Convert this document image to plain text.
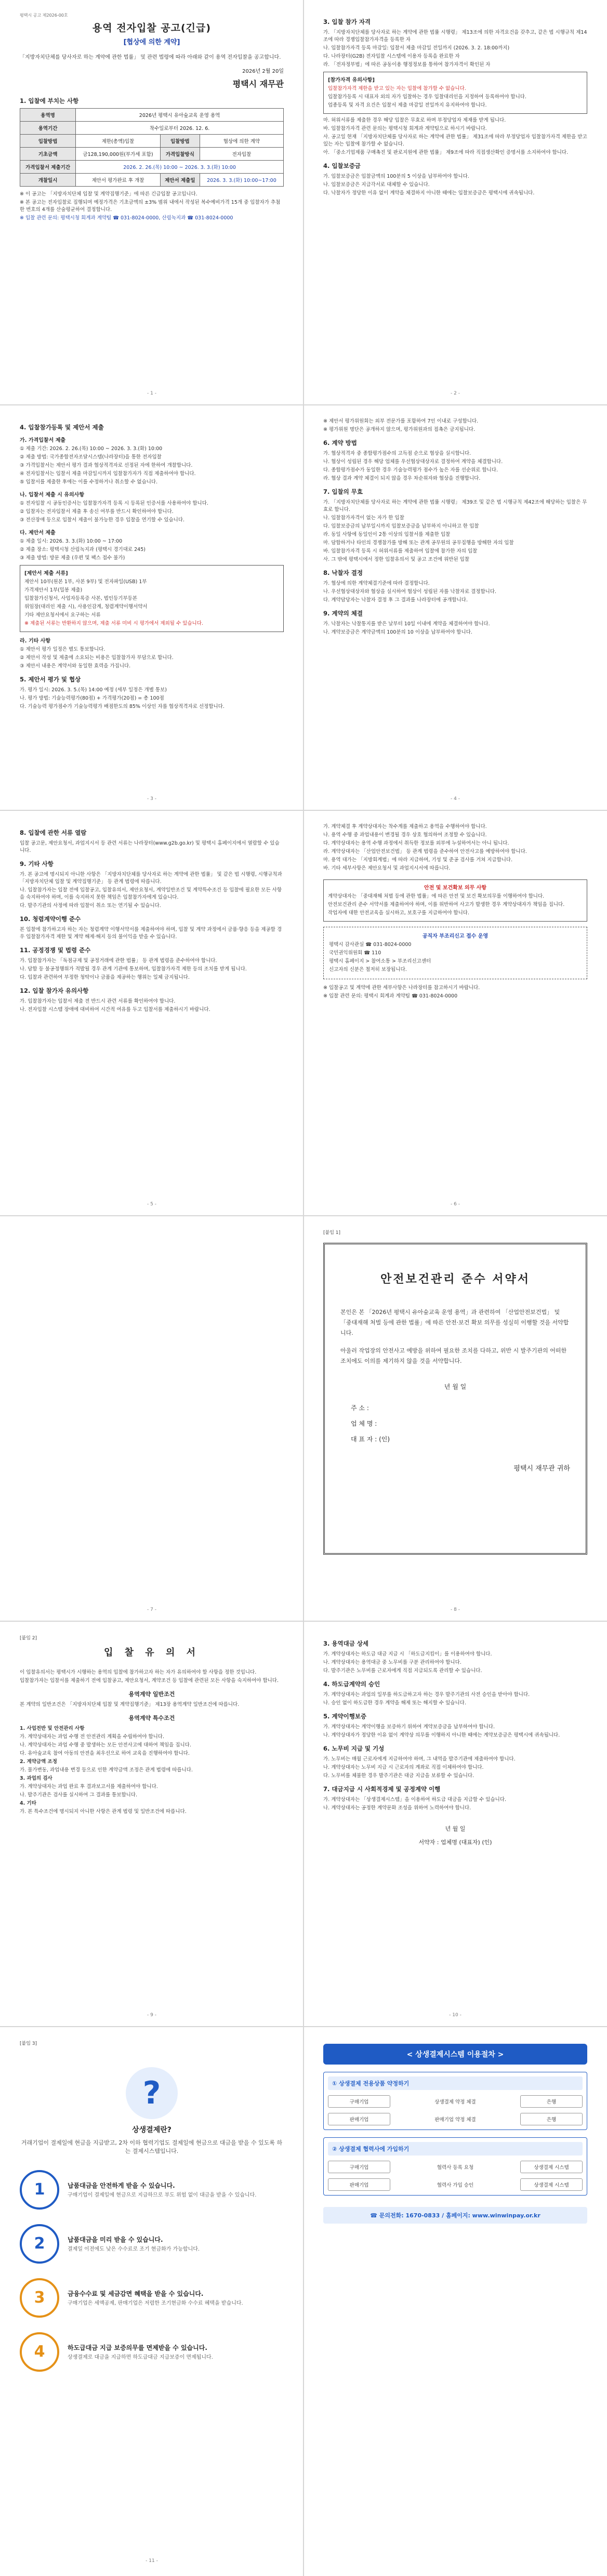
평택시 공고 제2026-00호
용역 전자입찰 공고(긴급)
[협상에 의한 계약]
「지방자치단체를 당사자로 하는 계약에 관한 법률」 및 관련 법령에 따라 아래와 같이 용역 전자입찰을 공고합니다.
2026년 2월 20일
평택시 재무관
1. 입찰에 부치는 사항
용역명	2026년 평택시 유아숲교육 운영 용역		
용역기간	착수일로부터 2026. 12. 6.		
입찰방법	제한(총액)입찰	입찰방법	협상에 의한 계약
기초금액	금128,190,000원(부가세 포함)	가격입찰방식	전자입찰
가격입찰서 제출기간	2026. 2. 26.(목) 10:00 ~ 2026. 3. 3.(화) 10:00		
개찰일시	제안서 평가완료 후 개찰	제안서 제출일	2026. 3. 3.(화) 10:00~17:00
※ 이 공고는 「지방자치단체 입찰 및 계약집행기준」에 따른 긴급입찰 공고입니다.
※ 본 공고는 전자입찰로 집행되며 예정가격은 기초금액의 ±3% 범위 내에서 작성된 복수예비가격 15개 중 입찰자가 추첨한 번호의 4개를 산술평균하여 결정합니다.
※ 입찰 관련 문의: 평택시청 회계과 계약팀 ☎ 031-8024-0000, 산림녹지과 ☎ 031-8024-0000
- 1 -
3. 입찰 참가 자격
가. 「지방자치단체를 당사자로 하는 계약에 관한 법률 시행령」 제13조에 의한 자격요건을 갖추고, 같은 법 시행규칙 제14조에 따라 경쟁입찰참가자격을 등록한 자
나. 입찰참가자격 등록 마감일: 입찰서 제출 마감일 전일까지 (2026. 3. 2. 18:00까지)
다. 나라장터(G2B) 전자입찰 시스템에 이용자 등록을 완료한 자
라. 「전자정부법」에 따른 공동이용 행정정보를 통하여 참가자격이 확인된 자
[참가자격 유의사항]
입찰참가자격 제한을 받고 있는 자는 입찰에 참가할 수 없습니다.
입찰참가등록 시 대표자 외의 자가 입찰하는 경우 입찰대리인을 지정하여 등록하여야 합니다.
업종등록 및 자격 요건은 입찰서 제출 마감일 전일까지 유지하여야 합니다.
마. 허위서류를 제출한 경우 해당 입찰은 무효로 하며 부정당업자 제재를 받게 됩니다.
바. 입찰참가자격 관련 문의는 평택시청 회계과 계약팀으로 하시기 바랍니다.
사. 공고일 현재 「지방자치단체를 당사자로 하는 계약에 관한 법률」 제31조에 따라 부정당업자 입찰참가자격 제한을 받고 있는 자는 입찰에 참가할 수 없습니다.
아. 「중소기업제품 구매촉진 및 판로지원에 관한 법률」 제9조에 따라 직접생산확인 증명서를 소지하여야 합니다.
4. 입찰보증금
가. 입찰보증금은 입찰금액의 100분의 5 이상을 납부하여야 합니다.
나. 입찰보증금은 지급각서로 대체할 수 있습니다.
다. 낙찰자가 정당한 이유 없이 계약을 체결하지 아니한 때에는 입찰보증금은 평택시에 귀속됩니다.
- 2 -
4. 입찰참가등록 및 제안서 제출
가. 가격입찰서 제출
① 제출 기간: 2026. 2. 26.(목) 10:00 ~ 2026. 3. 3.(화) 10:00
② 제출 방법: 국가종합전자조달시스템(나라장터)을 통한 전자입찰
③ 가격입찰서는 제안서 평가 결과 협상적격자로 선정된 자에 한하여 개찰합니다.
④ 전자입찰서는 입찰서 제출 마감일시까지 입찰참가자가 직접 제출하여야 합니다.
⑤ 입찰서를 제출한 후에는 이를 수정하거나 취소할 수 없습니다.
나. 입찰서 제출 시 유의사항
① 전자입찰 시 공동인증서는 입찰참가자격 등록 시 등록된 인증서를 사용하여야 합니다.
② 입찰자는 전자입찰서 제출 후 송신 여부를 반드시 확인하여야 합니다.
③ 전산장애 등으로 입찰서 제출이 불가능한 경우 입찰을 연기할 수 있습니다.
다. 제안서 제출
① 제출 일시: 2026. 3. 3.(화) 10:00 ~ 17:00
② 제출 장소: 평택시청 산림녹지과 (평택시 경기대로 245)
③ 제출 방법: 방문 제출 (우편 및 팩스 접수 불가)
[제안서 제출 서류]
제안서 10부(원본 1부, 사본 9부) 및 전자파일(USB) 1부
가격제안서 1부(밀봉 제출)
입찰참가신청서, 사업자등록증 사본, 법인등기부등본
위임장(대리인 제출 시), 사용인감계, 청렴계약이행서약서
기타 제안요청서에서 요구하는 서류
※ 제출된 서류는 반환하지 않으며, 제출 서류 미비 시 평가에서 제외될 수 있습니다.
라. 기타 사항
① 제안서 평가 일정은 별도 통보합니다.
② 제안서 작성 및 제출에 소요되는 비용은 입찰참가자 부담으로 합니다.
③ 제안서 내용은 계약서와 동일한 효력을 가집니다.
5. 제안서 평가 및 협상
가. 평가 일시: 2026. 3. 5.(목) 14:00 예정 (세부 일정은 개별 통보)
나. 평가 방법: 기술능력평가(80점) + 가격평가(20점) = 총 100점
다. 기술능력 평가점수가 기술능력평가 배점한도의 85% 이상인 자를 협상적격자로 선정합니다.
- 3 -
※ 제안서 평가위원회는 외부 전문가를 포함하여 7인 이내로 구성합니다.
※ 평가위원 명단은 공개하지 않으며, 평가위원과의 접촉은 금지됩니다.
6. 계약 방법
가. 협상적격자 중 종합평가점수의 고득점 순으로 협상을 실시합니다.
나. 협상이 성립된 경우 해당 업체를 우선협상대상자로 결정하여 계약을 체결합니다.
다. 종합평가점수가 동일한 경우 기술능력평가 점수가 높은 자를 선순위로 합니다.
라. 협상 결과 계약 체결이 되지 않을 경우 차순위자와 협상을 진행합니다.
7. 입찰의 무효
가. 「지방자치단체를 당사자로 하는 계약에 관한 법률 시행령」 제39조 및 같은 법 시행규칙 제42조에 해당하는 입찰은 무효로 합니다.
나. 입찰참가자격이 없는 자가 한 입찰
다. 입찰보증금의 납부일시까지 입찰보증금을 납부하지 아니하고 한 입찰
라. 동일 사항에 동일인이 2통 이상의 입찰서를 제출한 입찰
마. 담합하거나 타인의 경쟁참가를 방해 또는 관계 공무원의 공무집행을 방해한 자의 입찰
바. 입찰참가자격 등록 시 허위서류를 제출하여 입찰에 참가한 자의 입찰
사. 그 밖에 평택시에서 정한 입찰유의서 및 공고 조건에 위반된 입찰
8. 낙찰자 결정
가. 협상에 의한 계약체결기준에 따라 결정합니다.
나. 우선협상대상자와 협상을 실시하여 협상이 성립된 자를 낙찰자로 결정합니다.
다. 계약담당자는 낙찰자 결정 후 그 결과를 나라장터에 공개합니다.
9. 계약의 체결
가. 낙찰자는 낙찰통지를 받은 날부터 10일 이내에 계약을 체결하여야 합니다.
나. 계약보증금은 계약금액의 100분의 10 이상을 납부하여야 합니다.
- 4 -
8. 입찰에 관한 서류 열람
입찰 공고문, 제안요청서, 과업지시서 등 관련 서류는 나라장터(www.g2b.go.kr) 및 평택시 홈페이지에서 열람할 수 있습니다.
9. 기타 사항
가. 본 공고에 명시되지 아니한 사항은 「지방자치단체를 당사자로 하는 계약에 관한 법률」 및 같은 법 시행령, 시행규칙과 「지방자치단체 입찰 및 계약집행기준」 등 관계 법령에 따릅니다.
나. 입찰참가자는 입찰 전에 입찰공고, 입찰유의서, 제안요청서, 계약일반조건 및 계약특수조건 등 입찰에 필요한 모든 사항을 숙지하여야 하며, 이를 숙지하지 못한 책임은 입찰참가자에게 있습니다.
다. 발주기관의 사정에 따라 입찰이 취소 또는 연기될 수 있습니다.
10. 청렴계약이행 준수
본 입찰에 참가하고자 하는 자는 청렴계약 이행서약서를 제출하여야 하며, 입찰 및 계약 과정에서 금품·향응 등을 제공할 경우 입찰참가자격 제한 및 계약 해제·해지 등의 불이익을 받을 수 있습니다.
11. 공정경쟁 및 법령 준수
가. 입찰참가자는 「독점규제 및 공정거래에 관한 법률」 등 관계 법령을 준수하여야 합니다.
나. 담합 등 불공정행위가 적발될 경우 관계 기관에 통보하며, 입찰참가자격 제한 등의 조치를 받게 됩니다.
다. 입찰과 관련하여 부정한 청탁이나 금품을 제공하는 행위는 일체 금지됩니다.
12. 입찰 참가자 유의사항
가. 입찰참가자는 입찰서 제출 전 반드시 관련 서류를 확인하여야 합니다.
나. 전자입찰 시스템 장애에 대비하여 시간적 여유를 두고 입찰서를 제출하시기 바랍니다.
- 5 -
가. 계약체결 후 계약상대자는 착수계를 제출하고 용역을 수행하여야 합니다.
나. 용역 수행 중 과업내용이 변경될 경우 상호 협의하여 조정할 수 있습니다.
다. 계약상대자는 용역 수행 과정에서 취득한 정보를 외부에 누설하여서는 아니 됩니다.
라. 계약상대자는 「산업안전보건법」 등 관계 법령을 준수하여 안전사고를 예방하여야 합니다.
마. 용역 대가는 「지방회계법」에 따라 지급하며, 기성 및 준공 검사를 거쳐 지급합니다.
바. 기타 세부사항은 제안요청서 및 과업지시서에 따릅니다.
안전 및 보건확보 의무 사항
계약상대자는 「중대재해 처벌 등에 관한 법률」에 따른 안전 및 보건 확보의무를 이행하여야 합니다.
안전보건관리 준수 서약서를 제출하여야 하며, 이를 위반하여 사고가 발생한 경우 계약상대자가 책임을 집니다.
작업자에 대한 안전교육을 실시하고, 보호구를 지급하여야 합니다.
공직자 부조리신고 접수 운영
평택시 감사관실 ☎ 031-8024-0000
국민권익위원회 ☎ 110
평택시 홈페이지 > 참여소통 > 부조리신고센터
신고자의 신분은 철저히 보장됩니다.
※ 입찰공고 및 계약에 관한 세부사항은 나라장터를 참고하시기 바랍니다.
※ 입찰 관련 문의: 평택시 회계과 계약팀 ☎ 031-8024-0000
- 6 -
- 7 -
[붙임 1]
안전보건관리 준수 서약서
본인은 본 「2026년 평택시 유아숲교육 운영 용역」과 관련하여 「산업안전보건법」 및 「중대재해 처벌 등에 관한 법률」에 따른 안전·보건 확보 의무를 성실히 이행할 것을 서약합니다.
아울러 작업장의 안전사고 예방을 위하여 필요한 조치를 다하고, 위반 시 발주기관의 어떠한 조치에도 이의를 제기하지 않을 것을 서약합니다.
년 월 일
주 소 :
업 체 명 :
대 표 자 : (인)
평택시 재무관 귀하
- 8 -
[붙임 2]
입 찰 유 의 서
이 입찰유의서는 평택시가 시행하는 용역의 입찰에 참가하고자 하는 자가 유의하여야 할 사항을 정한 것입니다.
입찰참가자는 입찰서를 제출하기 전에 입찰공고, 제안요청서, 계약조건 등 입찰에 관련된 모든 사항을 숙지하여야 합니다.
용역계약 일반조건
본 계약의 일반조건은 「지방자치단체 입찰 및 계약집행기준」 제13장 용역계약 일반조건에 따릅니다.
용역계약 특수조건
1. 사업전반 및 안전관리 사항
가. 계약상대자는 과업 수행 전 안전관리 계획을 수립하여야 합니다.
나. 계약상대자는 과업 수행 중 발생하는 모든 안전사고에 대하여 책임을 집니다.
다. 유아숲교육 참여 아동의 안전을 최우선으로 하여 교육을 진행하여야 합니다.
2. 계약금액 조정
가. 물가변동, 과업내용 변경 등으로 인한 계약금액 조정은 관계 법령에 따릅니다.
3. 과업의 검사
가. 계약상대자는 과업 완료 후 결과보고서를 제출하여야 합니다.
나. 발주기관은 검사를 실시하여 그 결과를 통보합니다.
4. 기타
가. 본 특수조건에 명시되지 아니한 사항은 관계 법령 및 일반조건에 따릅니다.
- 9 -
3. 용역대금 상세
가. 계약상대자는 하도급 대금 지급 시 「하도급지킴이」를 이용하여야 합니다.
나. 계약상대자는 용역대금 중 노무비를 구분 관리하여야 합니다.
다. 발주기관은 노무비를 근로자에게 직접 지급되도록 관리할 수 있습니다.
4. 하도급계약의 승인
가. 계약상대자는 과업의 일부를 하도급하고자 하는 경우 발주기관의 사전 승인을 받아야 합니다.
나. 승인 없이 하도급한 경우 계약을 해제 또는 해지할 수 있습니다.
5. 계약이행보증
가. 계약상대자는 계약이행을 보증하기 위하여 계약보증금을 납부하여야 합니다.
나. 계약상대자가 정당한 이유 없이 계약상 의무를 이행하지 아니한 때에는 계약보증금은 평택시에 귀속됩니다.
6. 노무비 지급 및 기성
가. 노무비는 매월 근로자에게 지급하여야 하며, 그 내역을 발주기관에 제출하여야 합니다.
나. 계약상대자는 노무비 지급 시 근로자의 계좌로 직접 이체하여야 합니다.
다. 노무비를 체불한 경우 발주기관은 대금 지급을 보류할 수 있습니다.
7. 대금지급 시 사회적경제 및 공정계약 이행
가. 계약상대자는 「상생결제시스템」을 이용하여 하도급 대금을 지급할 수 있습니다.
나. 계약상대자는 공정한 계약문화 조성을 위하여 노력하여야 합니다.
년 월 일
서약자 : 업체명 (대표자) (인)
- 10 -
[붙임 3]
?
상생결제란?
거래기업이 결제일에 현금을 지급받고, 2차 이하 협력기업도 결제일에 현금으로 대금을 받을 수 있도록 하는 결제시스템입니다.
1	납품대금을 안전하게 받을 수 있습니다.
구매기업이 결제일에 현금으로 지급하므로 부도 위험 없이 대금을 받을 수 있습니다.
2	납품대금을 미리 받을 수 있습니다.
결제일 이전에도 낮은 수수료로 조기 현금화가 가능합니다.
3	금융수수료 및 세금감면 혜택을 받을 수 있습니다.
구매기업은 세액공제, 판매기업은 저렴한 조기현금화 수수료 혜택을 받습니다.
4	하도급대금 지급 보증의무를 면제받을 수 있습니다.
상생결제로 대금을 지급하면 하도급대금 지급보증이 면제됩니다.
- 11 -
< 상생결제시스템 이용절차 >
① 상생결제 전용상품 약정하기
구매기업	상생결제 약정 체결	은행
판매기업	판매기업 약정 체결	은행
② 상생결제 협력사에 가입하기
구매기업	협력사 등록 요청	상생결제 시스템
판매기업	협력사 가입 승인	상생결제 시스템
☎ 문의전화: 1670-0833 / 홈페이지: www.winwinpay.or.kr
